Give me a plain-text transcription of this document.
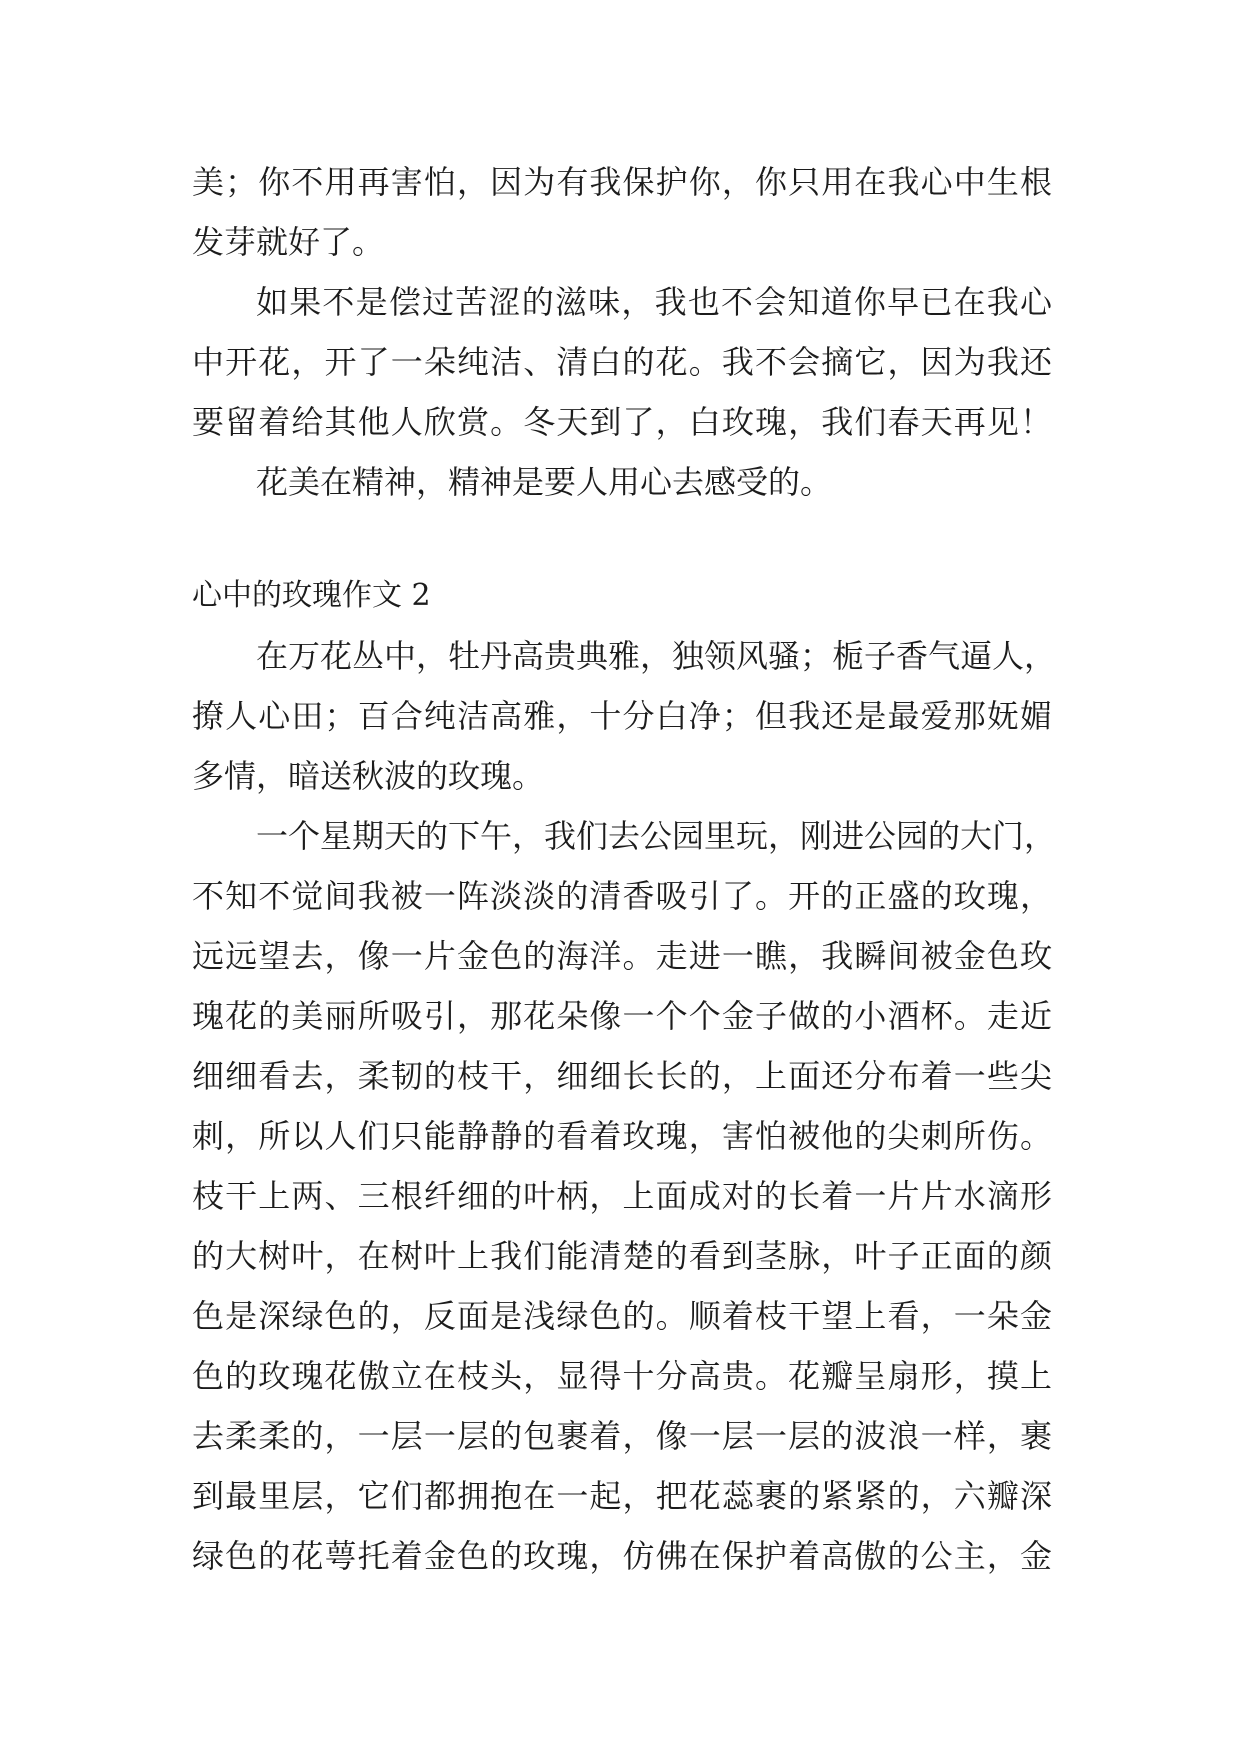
美；你不用再害怕，因为有我保护你，你只用在我心中生根
发芽就好了。
如果不是偿过苦涩的滋味，我也不会知道你早已在我心
中开花，开了一朵纯洁、清白的花。我不会摘它，因为我还
要留着给其他人欣赏。冬天到了，白玫瑰，我们春天再见！
花美在精神，精神是要人用心去感受的。
心中的玫瑰作文 2
在万花丛中，牡丹高贵典雅，独领风骚；栀子香气逼人，
撩人心田；百合纯洁高雅，十分白净；但我还是最爱那妩媚
多情，暗送秋波的玫瑰。
一个星期天的下午，我们去公园里玩，刚进公园的大门，
不知不觉间我被一阵淡淡的清香吸引了。开的正盛的玫瑰，
远远望去，像一片金色的海洋。走进一瞧，我瞬间被金色玫
瑰花的美丽所吸引，那花朵像一个个金子做的小酒杯。走近
细细看去，柔韧的枝干，细细长长的，上面还分布着一些尖
刺，所以人们只能静静的看着玫瑰，害怕被他的尖刺所伤。
枝干上两、三根纤细的叶柄，上面成对的长着一片片水滴形
的大树叶，在树叶上我们能清楚的看到茎脉，叶子正面的颜
色是深绿色的，反面是浅绿色的。顺着枝干望上看，一朵金
色的玫瑰花傲立在枝头，显得十分高贵。花瓣呈扇形，摸上
去柔柔的，一层一层的包裹着，像一层一层的波浪一样，裹
到最里层，它们都拥抱在一起，把花蕊裹的紧紧的，六瓣深
绿色的花萼托着金色的玫瑰，仿佛在保护着高傲的公主，金
